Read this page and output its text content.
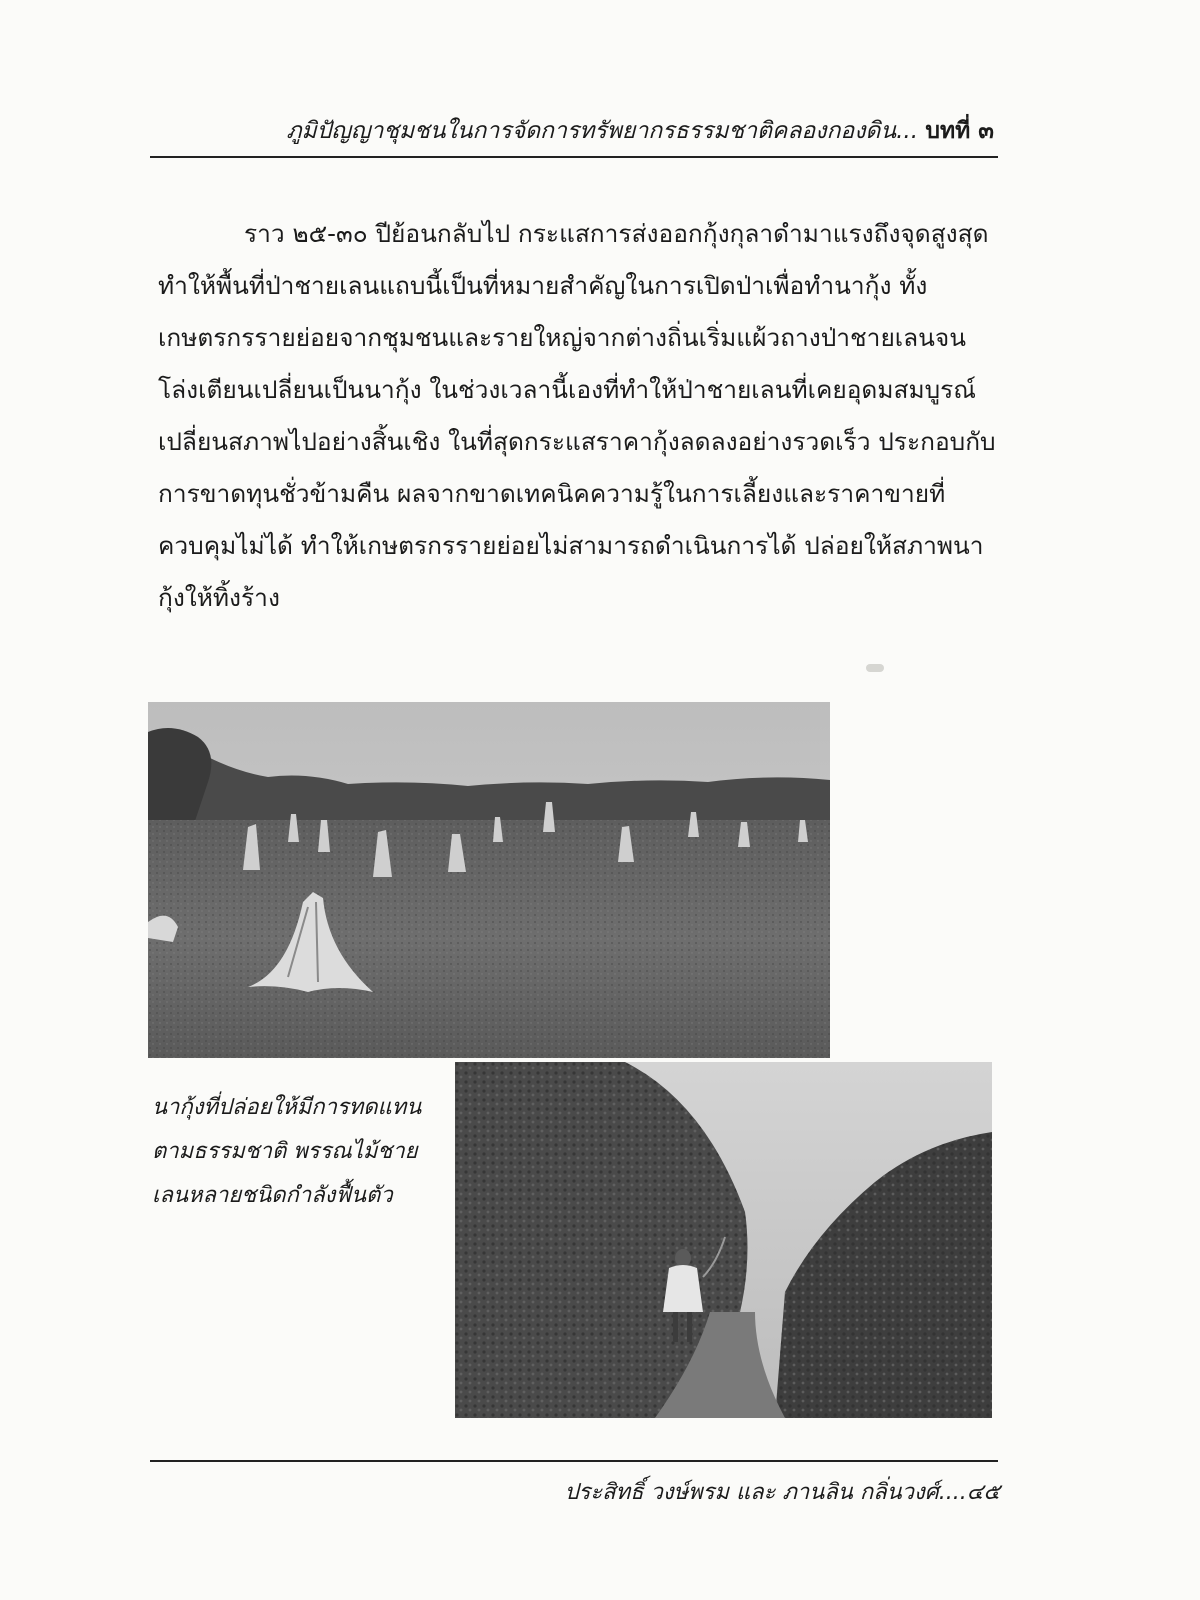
ภูมิปัญญาชุมชนในการจัดการทรัพยากรธรรมชาติคลองกองดิน... บทที่ ๓

ราว ๒๕-๓๐ ปีย้อนกลับไป กระแสการส่งออกกุ้งกุลาดำมาแรงถึงจุดสูงสุด ทำให้พื้นที่ป่าชายเลนแถบนี้เป็นที่หมายสำคัญในการเปิดป่าเพื่อทำนากุ้ง ทั้งเกษตรกรรายย่อยจากชุมชนและรายใหญ่จากต่างถิ่นเริ่มแผ้วถางป่าชายเลนจนโล่งเตียนเปลี่ยนเป็นนากุ้ง ในช่วงเวลานี้เองที่ทำให้ป่าชายเลนที่เคยอุดมสมบูรณ์เปลี่ยนสภาพไปอย่างสิ้นเชิง ในที่สุดกระแสราคากุ้งลดลงอย่างรวดเร็ว ประกอบกับการขาดทุนชั่วข้ามคืน ผลจากขาดเทคนิคความรู้ในการเลี้ยงและราคาขายที่ควบคุมไม่ได้ ทำให้เกษตรกรรายย่อยไม่สามารถดำเนินการได้ ปล่อยให้สภาพนากุ้งให้ทิ้งร้าง

นากุ้งที่ปล่อยให้มีการทดแทนตามธรรมชาติ พรรณไม้ชายเลนหลายชนิดกำลังฟื้นตัว

ประสิทธิ์ วงษ์พรม และ ภานลิน กลิ่นวงศ์....๔๕
